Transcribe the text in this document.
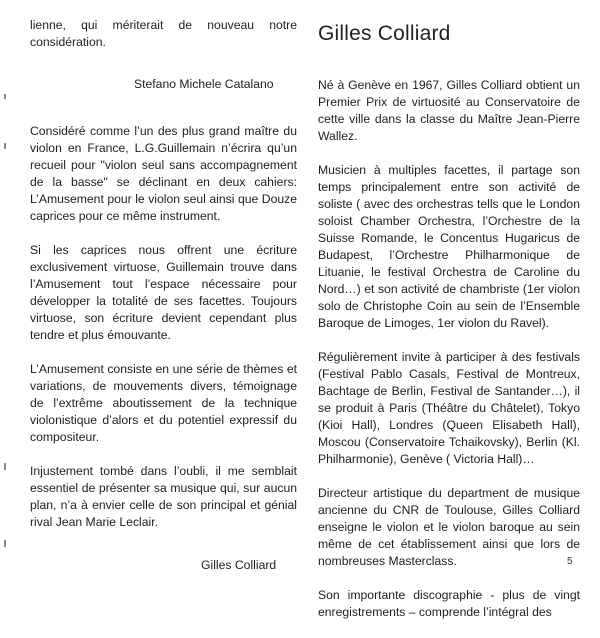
lienne, qui mériterait de nouveau notre considération.

Stefano Michele Catalano

Considéré comme l’un des plus grand maître du violon en France, L.G.Guillemain n’écrira qu’un recueil pour "violon seul sans accompagnement de la basse" se déclinant en deux cahiers: L’Amusement pour le violon seul ainsi que Douze caprices pour ce même instrument.

Si les caprices nous offrent une écriture exclusivement virtuose, Guillemain trouve dans l’Amusement tout l’espace nécessaire pour développer la totalité de ses facettes. Toujours virtuose, son écriture devient cependant plus tendre et plus émouvante.

L’Amusement consiste en une série de thèmes et variations, de mouvements divers, témoignage de l’extrême aboutissement de la technique violonistique d’alors et du potentiel expressif du compositeur.

Injustement tombé dans l’oubli, il me semblait essentiel de présenter sa musique qui, sur aucun plan, n’a à envier celle de son principal et génial rival Jean Marie Leclair.

Gilles Colliard

Gilles Colliard

Né à Genève en 1967, Gilles Colliard obtient un Premier Prix de virtuosité au Conservatoire de cette ville dans la classe du Maître Jean-Pierre Wallez.

Musicien à multiples facettes, il partage son temps principalement entre son activité de soliste ( avec des orchestras tells que le London soloist Chamber Orchestra, l’Orchestre de la Suisse Romande, le Concentus Hugaricus de Budapest, l’Orchestre Philharmonique de Lituanie, le festival Orchestra de Caroline du Nord…) et son activité de chambriste (1er violon solo de Christophe Coin au sein de l’Ensemble Baroque de Limoges, 1er violon du Ravel).

Régulièrement invite à participer à des festivals (Festival Pablo Casals, Festival de Montreux, Bachtage de Berlin, Festival de Santander…), il se produit à Paris (Théâtre du Châtelet), Tokyo (Kioi Hall), Londres (Queen Elisabeth Hall), Moscou (Conservatoire Tchaikovsky), Berlin (Kl. Philharmonie), Genève ( Victoria Hall)…

Directeur artistique du department de musique ancienne du CNR de Toulouse, Gilles Colliard enseigne le violon et le violon baroque au sein même de cet établissement ainsi que lors de nombreuses Masterclass.

Son importante discographie - plus de vingt enregistrements – comprende l’intégral des

5
